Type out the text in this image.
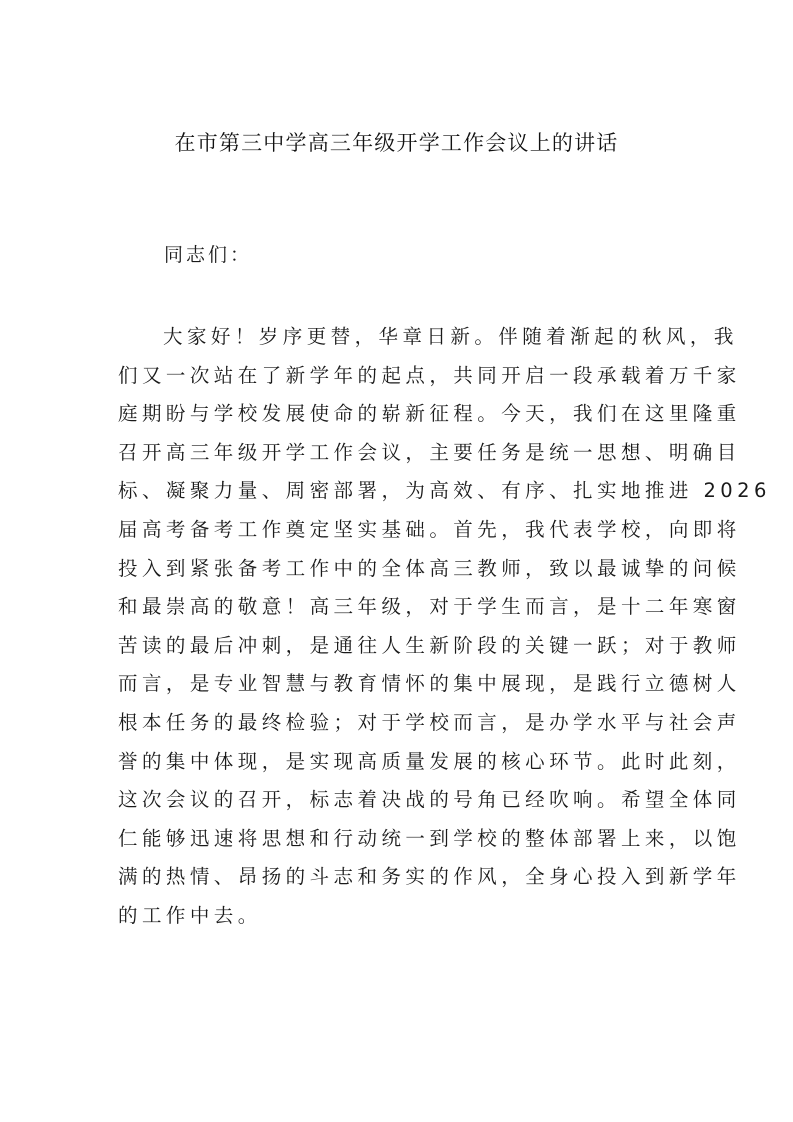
在市第三中学高三年级开学工作会议上的讲话

同志们：

大家好！岁序更替，华章日新。伴随着渐起的秋风，我
们又一次站在了新学年的起点，共同开启一段承载着万千家
庭期盼与学校发展使命的崭新征程。今天，我们在这里隆重
召开高三年级开学工作会议，主要任务是统一思想、明确目
标、凝聚力量、周密部署，为高效、有序、扎实地推进 2026
届高考备考工作奠定坚实基础。首先，我代表学校，向即将
投入到紧张备考工作中的全体高三教师，致以最诚挚的问候
和最崇高的敬意！高三年级，对于学生而言，是十二年寒窗
苦读的最后冲刺，是通往人生新阶段的关键一跃；对于教师
而言，是专业智慧与教育情怀的集中展现，是践行立德树人
根本任务的最终检验；对于学校而言，是办学水平与社会声
誉的集中体现，是实现高质量发展的核心环节。此时此刻，
这次会议的召开，标志着决战的号角已经吹响。希望全体同
仁能够迅速将思想和行动统一到学校的整体部署上来，以饱
满的热情、昂扬的斗志和务实的作风，全身心投入到新学年
的工作中去。
